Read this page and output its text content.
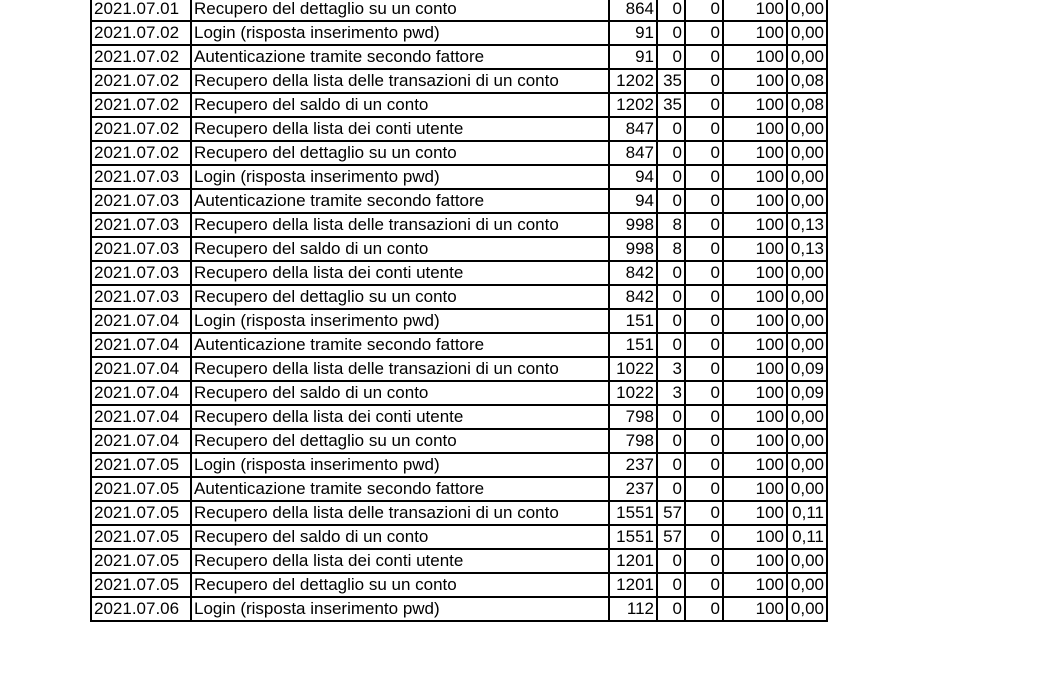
2021.07.01	Recupero del dettaglio su un conto	864	0	0	100	0,00
2021.07.02	Login (risposta inserimento pwd)	91	0	0	100	0,00
2021.07.02	Autenticazione tramite secondo fattore	91	0	0	100	0,00
2021.07.02	Recupero della lista delle transazioni di un conto	1202	35	0	100	0,08
2021.07.02	Recupero del saldo di un conto	1202	35	0	100	0,08
2021.07.02	Recupero della lista dei conti utente	847	0	0	100	0,00
2021.07.02	Recupero del dettaglio su un conto	847	0	0	100	0,00
2021.07.03	Login (risposta inserimento pwd)	94	0	0	100	0,00
2021.07.03	Autenticazione tramite secondo fattore	94	0	0	100	0,00
2021.07.03	Recupero della lista delle transazioni di un conto	998	8	0	100	0,13
2021.07.03	Recupero del saldo di un conto	998	8	0	100	0,13
2021.07.03	Recupero della lista dei conti utente	842	0	0	100	0,00
2021.07.03	Recupero del dettaglio su un conto	842	0	0	100	0,00
2021.07.04	Login (risposta inserimento pwd)	151	0	0	100	0,00
2021.07.04	Autenticazione tramite secondo fattore	151	0	0	100	0,00
2021.07.04	Recupero della lista delle transazioni di un conto	1022	3	0	100	0,09
2021.07.04	Recupero del saldo di un conto	1022	3	0	100	0,09
2021.07.04	Recupero della lista dei conti utente	798	0	0	100	0,00
2021.07.04	Recupero del dettaglio su un conto	798	0	0	100	0,00
2021.07.05	Login (risposta inserimento pwd)	237	0	0	100	0,00
2021.07.05	Autenticazione tramite secondo fattore	237	0	0	100	0,00
2021.07.05	Recupero della lista delle transazioni di un conto	1551	57	0	100	0,11
2021.07.05	Recupero del saldo di un conto	1551	57	0	100	0,11
2021.07.05	Recupero della lista dei conti utente	1201	0	0	100	0,00
2021.07.05	Recupero del dettaglio su un conto	1201	0	0	100	0,00
2021.07.06	Login (risposta inserimento pwd)	112	0	0	100	0,00
